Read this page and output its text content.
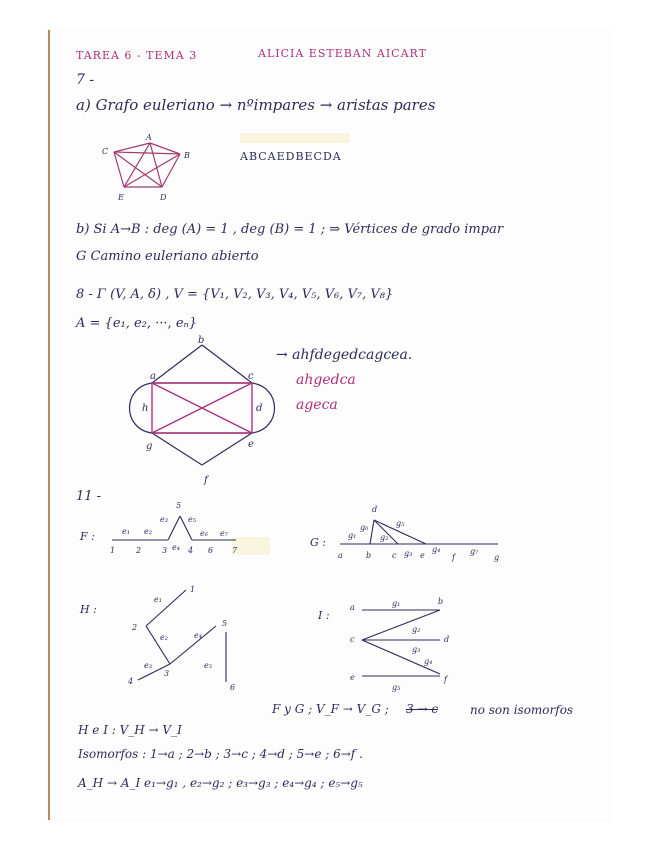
TAREA 6 - TEMA 3	ALICIA ESTEBAN AICART
7 -
a) Grafo euleriano → nºimpares → aristas pares
A
B
C
D
E
ABCAEDBECDA
b) Si A→B : deg (A) = 1 , deg (B) = 1 ; ⇒ Vértices de grado impar
G Camino euleriano abierto
8 - Γ (V, A, δ) , V = {V₁, V₂, V₃, V₄, V₅, V₆, V₇, V₈}
A = {e₁, e₂, ···, eₙ}
a
b
c
d
e
f
g
h
→ ahfdegedcagcea.
ahgedca
ageca
11 -
F :
1	2	3	4
5
6 7
e₁ e₂
e₃
e₄
e₅
e₆ e₇
G :
a	b	c	e	f	g
d
g₁	g₂
g₃ g₄
g₅
g₆
g₇
H :
1
2
3
4
5
6
e₁
e₂
e₃
e₄
e₅
I :
a
b
c	d
e	f
g₁
g₂
g₃
g₄
g₅
F y G ; V_F → V_G ; 3 → c	no son isomorfos
H e I : V_H → V_I
Isomorfos : 1→a ; 2→b ; 3→c ; 4→d ; 5→e ; 6→f .
A_H → A_I e₁→g₁ , e₂→g₂ ; e₃→g₃ ; e₄→g₄ ; e₅→g₅
